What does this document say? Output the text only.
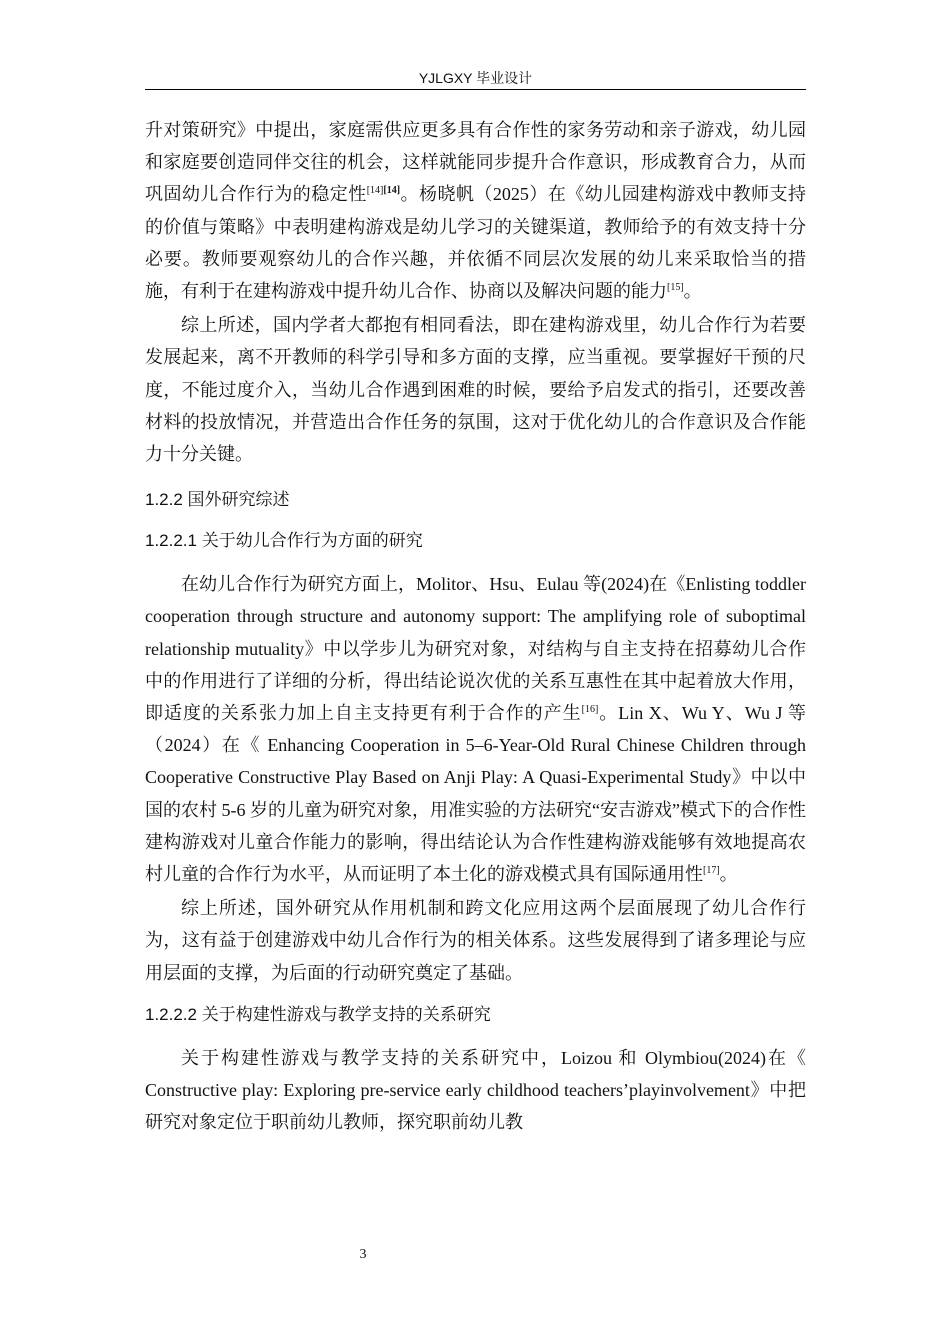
YJLGXY 毕业设计

升对策研究》中提出，家庭需供应更多具有合作性的家务劳动和亲子游戏，幼儿园和家庭要创造同伴交往的机会，这样就能同步提升合作意识，形成教育合力，从而巩固幼儿合作行为的稳定性[14][14]。杨晓帆（2025）在《幼儿园建构游戏中教师支持的价值与策略》中表明建构游戏是幼儿学习的关键渠道，教师给予的有效支持十分必要。教师要观察幼儿的合作兴趣，并依循不同层次发展的幼儿来采取恰当的措施，有利于在建构游戏中提升幼儿合作、协商以及解决问题的能力[15]。

综上所述，国内学者大都抱有相同看法，即在建构游戏里，幼儿合作行为若要发展起来，离不开教师的科学引导和多方面的支撑，应当重视。要掌握好干预的尺度，不能过度介入，当幼儿合作遇到困难的时候，要给予启发式的指引，还要改善材料的投放情况，并营造出合作任务的氛围，这对于优化幼儿的合作意识及合作能力十分关键。

1.2.2 国外研究综述
1.2.2.1 关于幼儿合作行为方面的研究

在幼儿合作行为研究方面上，Molitor、Hsu、Eulau 等(2024)在《Enlisting toddler cooperation through structure and autonomy support: The amplifying role of suboptimal relationship mutuality》中以学步儿为研究对象，对结构与自主支持在招募幼儿合作中的作用进行了详细的分析，得出结论说次优的关系互惠性在其中起着放大作用，即适度的关系张力加上自主支持更有利于合作的产生[16]。Lin X、Wu Y、Wu J 等（2024）在《 Enhancing Cooperation in 5–6-Year-Old Rural Chinese Children through Cooperative Constructive Play Based on Anji Play: A Quasi-Experimental Study》中以中国的农村 5-6 岁的儿童为研究对象，用准实验的方法研究“安吉游戏”模式下的合作性建构游戏对儿童合作能力的影响，得出结论认为合作性建构游戏能够有效地提高农村儿童的合作行为水平，从而证明了本土化的游戏模式具有国际通用性[17]。

综上所述，国外研究从作用机制和跨文化应用这两个层面展现了幼儿合作行为，这有益于创建游戏中幼儿合作行为的相关体系。这些发展得到了诸多理论与应用层面的支撑，为后面的行动研究奠定了基础。

1.2.2.2 关于构建性游戏与教学支持的关系研究

关于构建性游戏与教学支持的关系研究中，Loizou 和 Olymbiou(2024)在《 Constructive play: Exploring pre-service early childhood teachers’playinvolvement》中把研究对象定位于职前幼儿教师，探究职前幼儿教

3
